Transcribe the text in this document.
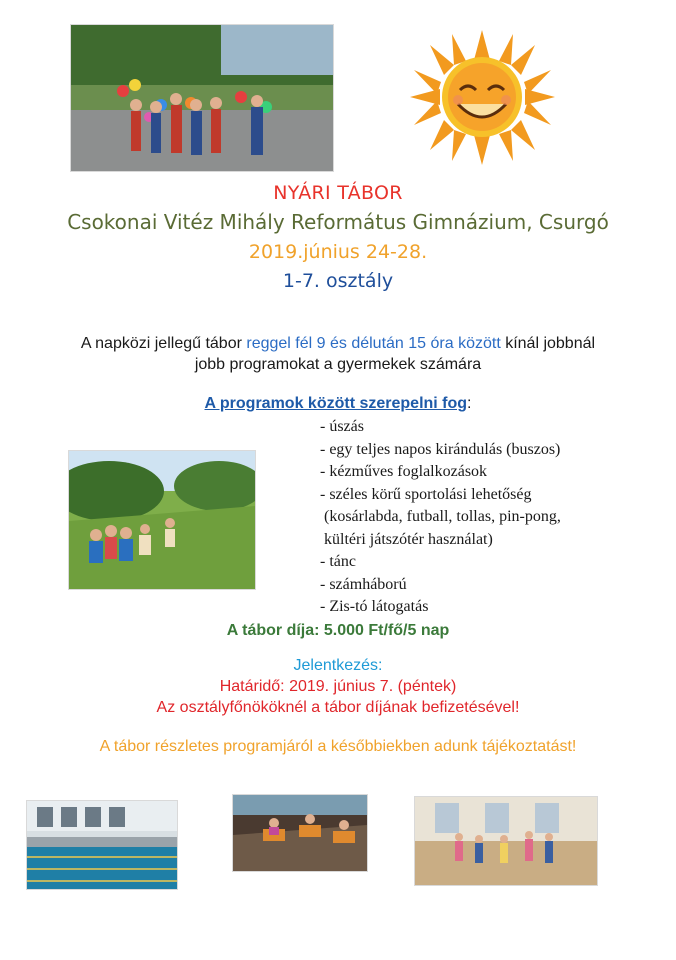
NYÁRI TÁBOR
Csokonai Vitéz Mihály Református Gimnázium, Csurgó
2019.június 24-28.
1-7. osztály
A napközi jellegű tábor reggel fél 9 és délután 15 óra között kínál jobbnál
jobb programokat a gyermekek számára
A programok között szerepelni fog:
- úszás
- egy teljes napos kirándulás (buszos)
- kézműves foglalkozások
- széles körű sportolási lehetőség
(kosárlabda, futball, tollas, pin-pong,
kültéri játszótér használat)
- tánc
- számháború
- Zis-tó látogatás
A tábor díja: 5.000 Ft/fő/5 nap
Jelentkezés:
Határidő: 2019. június 7. (péntek)
Az osztályfőnököknél a tábor díjának befizetésével!
A tábor részletes programjáról a későbbiekben adunk tájékoztatást!
